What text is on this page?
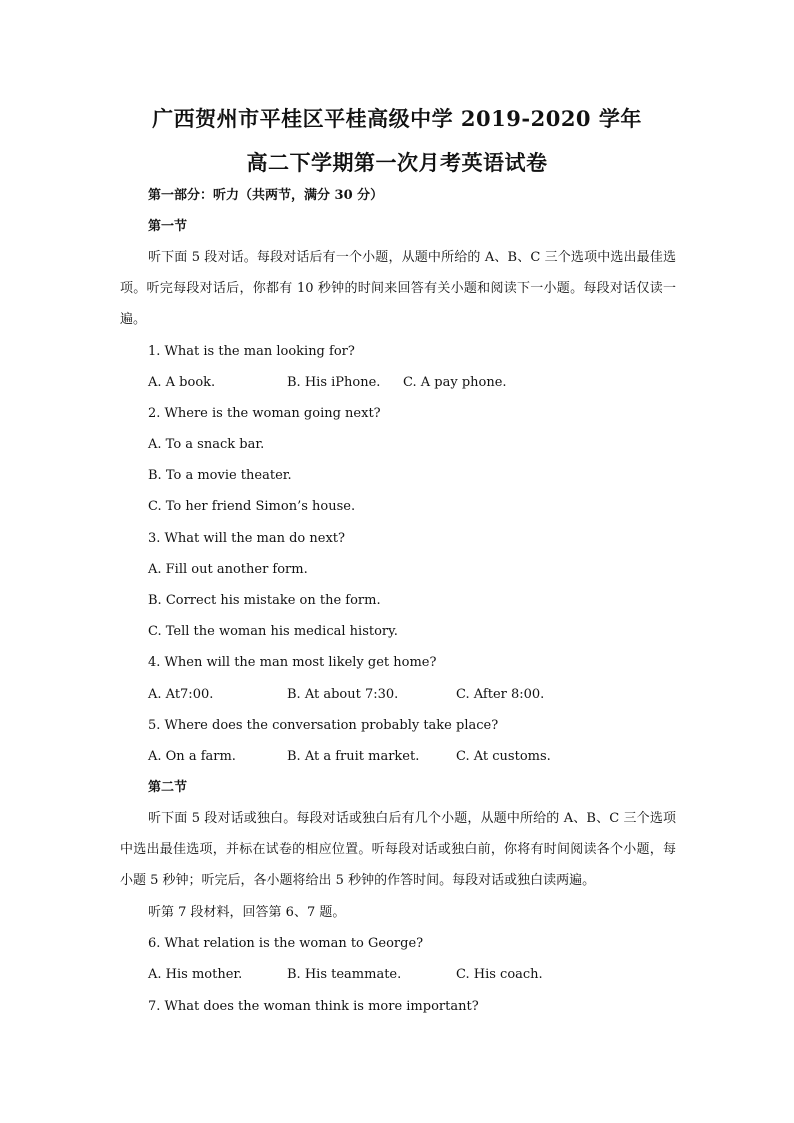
广西贺州市平桂区平桂高级中学 2019-2020 学年
高二下学期第一次月考英语试卷
第一部分：听力（共两节，满分 30 分）
第一节

听下面 5 段对话。每段对话后有一个小题，从题中所给的 A、B、C 三个选项中选出最佳选项。听完每段对话后，你都有 10 秒钟的时间来回答有关小题和阅读下一小题。每段对话仅读一遍。

1. What is the man looking for?
A. A book.	B. His iPhone. C. A pay phone.
2. Where is the woman going next?
A. To a snack bar.
B. To a movie theater.
C. To her friend Simon’s house.
3. What will the man do next?
A. Fill out another form.
B. Correct his mistake on the form.
C. Tell the woman his medical history.
4. When will the man most likely get home?
A. At7:00.	B. At about 7:30.	C. After 8:00.
5. Where does the conversation probably take place?
A. On a farm.	B. At a fruit market.	C. At customs.
第二节

听下面 5 段对话或独白。每段对话或独白后有几个小题，从题中所给的 A、B、C 三个选项中选出最佳选项，并标在试卷的相应位置。听每段对话或独白前，你将有时间阅读各个小题，每小题 5 秒钟；听完后，各小题将给出 5 秒钟的作答时间。每段对话或独白读两遍。

听第 7 段材料，回答第 6、7 题。
6. What relation is the woman to George?
A. His mother.	B. His teammate.	C. His coach.
7. What does the woman think is more important?
